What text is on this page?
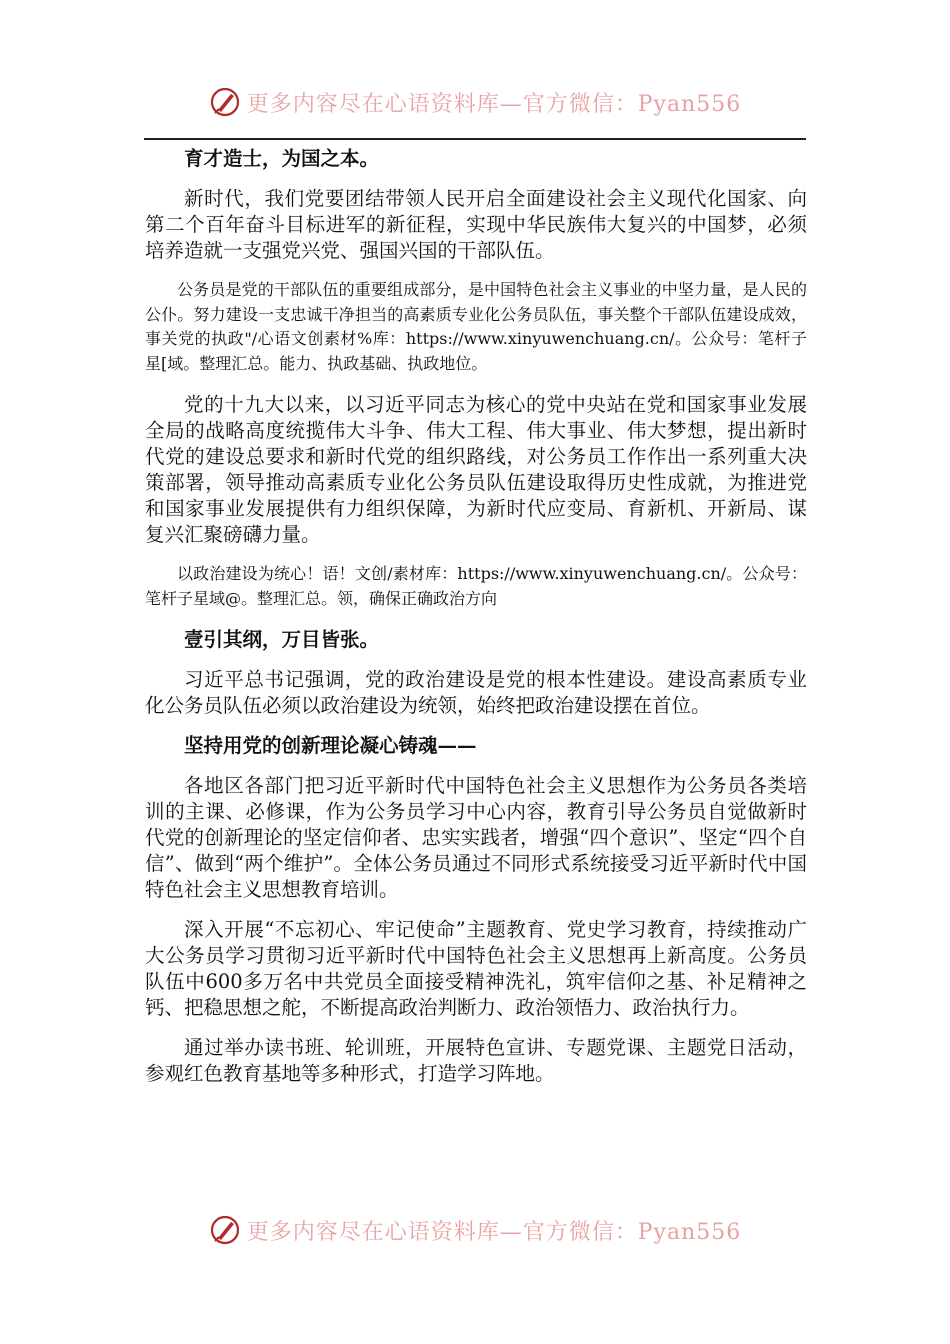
更多内容尽在心语资料库—官方微信：Pyan556

育才造士，为国之本。

新时代，我们党要团结带领人民开启全面建设社会主义现代化国家、向第二个百年奋斗目标进军的新征程，实现中华民族伟大复兴的中国梦，必须培养造就一支强党兴党、强国兴国的干部队伍。

公务员是党的干部队伍的重要组成部分，是中国特色社会主义事业的中坚力量，是人民的公仆。努力建设一支忠诚干净担当的高素质专业化公务员队伍，事关整个干部队伍建设成效，事关党的执政"/心语文创素材%库：https://www.xinyuwenchuang.cn/。公众号：笔杆子星[域。整理汇总。能力、执政基础、执政地位。

党的十九大以来，以习近平同志为核心的党中央站在党和国家事业发展全局的战略高度统揽伟大斗争、伟大工程、伟大事业、伟大梦想，提出新时代党的建设总要求和新时代党的组织路线，对公务员工作作出一系列重大决策部署，领导推动高素质专业化公务员队伍建设取得历史性成就，为推进党和国家事业发展提供有力组织保障，为新时代应变局、育新机、开新局、谋复兴汇聚磅礴力量。

以政治建设为统心！语！文创/素材库：https://www.xinyuwenchuang.cn/。公众号：笔杆子星域@。整理汇总。领，确保正确政治方向

壹引其纲，万目皆张。

习近平总书记强调，党的政治建设是党的根本性建设。建设高素质专业化公务员队伍必须以政治建设为统领，始终把政治建设摆在首位。

坚持用党的创新理论凝心铸魂——

各地区各部门把习近平新时代中国特色社会主义思想作为公务员各类培训的主课、必修课，作为公务员学习中心内容，教育引导公务员自觉做新时代党的创新理论的坚定信仰者、忠实实践者，增强“四个意识”、坚定“四个自信”、做到“两个维护”。全体公务员通过不同形式系统接受习近平新时代中国特色社会主义思想教育培训。

深入开展“不忘初心、牢记使命”主题教育、党史学习教育，持续推动广大公务员学习贯彻习近平新时代中国特色社会主义思想再上新高度。公务员队伍中600多万名中共党员全面接受精神洗礼，筑牢信仰之基、补足精神之钙、把稳思想之舵，不断提高政治判断力、政治领悟力、政治执行力。

通过举办读书班、轮训班，开展特色宣讲、专题党课、主题党日活动，参观红色教育基地等多种形式，打造学习阵地。

更多内容尽在心语资料库—官方微信：Pyan556
